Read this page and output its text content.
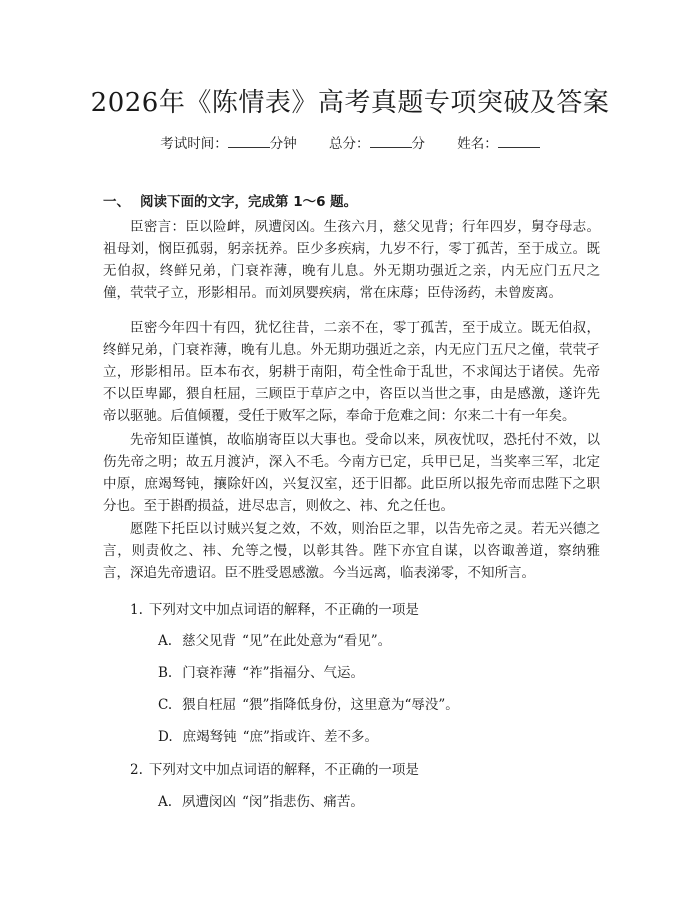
2026年《陈情表》高考真题专项突破及答案
考试时间：	分钟 总分：	分 姓名：
一、 阅读下面的文字，完成第 1～6 题。

臣密言：臣以险衅，夙遭闵凶。生孩六月，慈父见背；行年四岁，舅夺母志。祖母刘，悯臣孤弱，躬亲抚养。臣少多疾病，九岁不行，零丁孤苦，至于成立。既无伯叔，终鲜兄弟，门衰祚薄，晚有儿息。外无期功强近之亲，内无应门五尺之僮，茕茕孑立，形影相吊。而刘夙婴疾病，常在床蓐；臣侍汤药，未曾废离。

臣密今年四十有四，犹忆往昔，二亲不在，零丁孤苦，至于成立。既无伯叔，终鲜兄弟，门衰祚薄，晚有儿息。外无期功强近之亲，内无应门五尺之僮，茕茕孑立，形影相吊。臣本布衣，躬耕于南阳，苟全性命于乱世，不求闻达于诸侯。先帝不以臣卑鄙，猥自枉屈，三顾臣于草庐之中，咨臣以当世之事，由是感激，遂许先帝以驱驰。后值倾覆，受任于败军之际，奉命于危难之间：尔来二十有一年矣。

先帝知臣谨慎，故临崩寄臣以大事也。受命以来，夙夜忧叹，恐托付不效，以伤先帝之明；故五月渡泸，深入不毛。今南方已定，兵甲已足，当奖率三军，北定中原，庶竭驽钝，攘除奸凶，兴复汉室，还于旧都。此臣所以报先帝而忠陛下之职分也。至于斟酌损益，进尽忠言，则攸之、祎、允之任也。

愿陛下托臣以讨贼兴复之效，不效，则治臣之罪，以告先帝之灵。若无兴德之言，则责攸之、祎、允等之慢，以彰其咎。陛下亦宜自谋，以咨诹善道，察纳雅言，深追先帝遗诏。臣不胜受恩感激。今当远离，临表涕零，不知所言。

1. 下列对文中加点词语的解释，不正确的一项是
A. 慈父见背 “见”在此处意为“看见”。
B. 门衰祚薄 “祚”指福分、气运。
C. 猥自枉屈 “猥”指降低身份，这里意为“辱没”。
D. 庶竭驽钝 “庶”指或许、差不多。
2. 下列对文中加点词语的解释，不正确的一项是
A. 夙遭闵凶 “闵”指悲伤、痛苦。
